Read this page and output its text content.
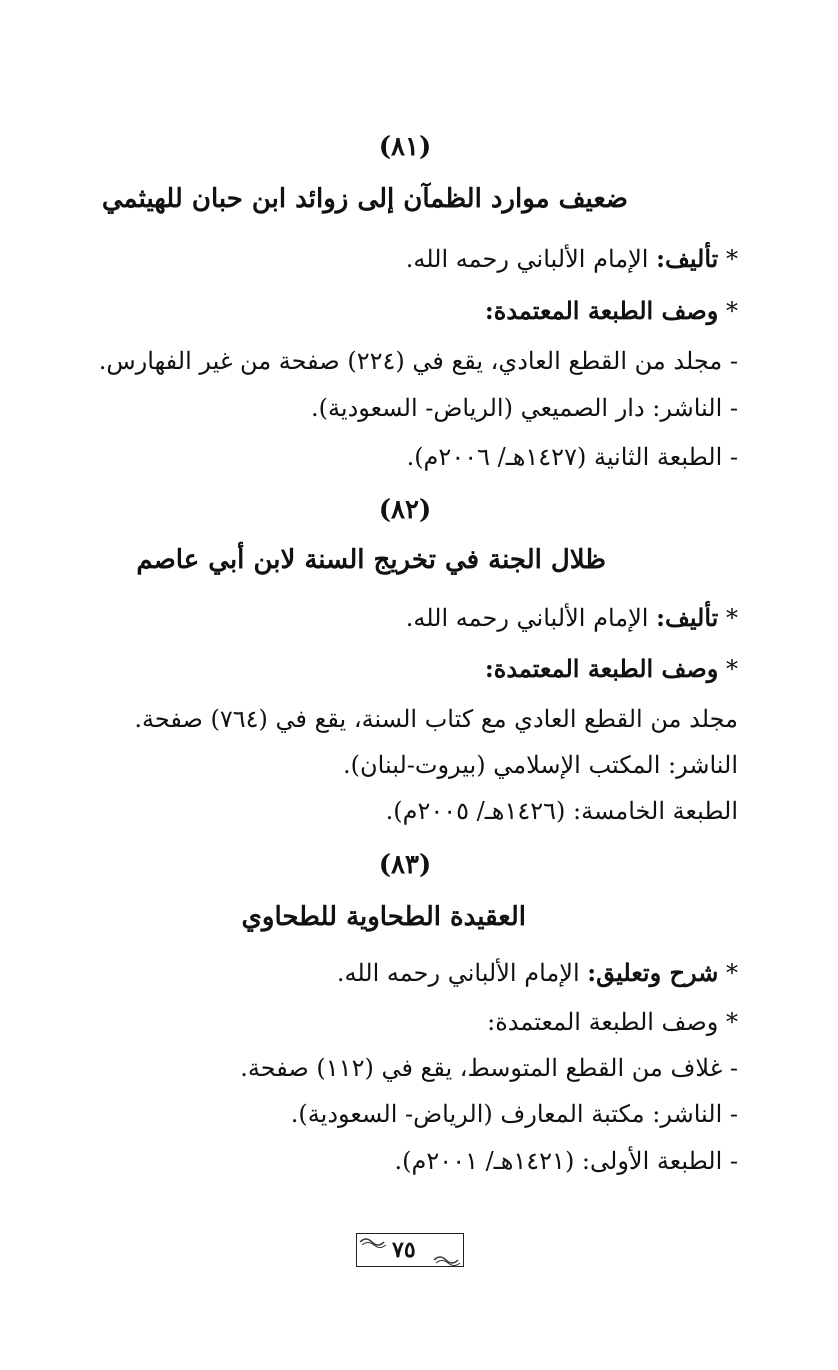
(٨١)
ضعيف موارد الظمآن إلى زوائد ابن حبان للهيثمي
* تأليف: الإمام الألباني رحمه الله.
* وصف الطبعة المعتمدة:
- مجلد من القطع العادي، يقع في (٢٢٤) صفحة من غير الفهارس.
- الناشر: دار الصميعي (الرياض- السعودية).
- الطبعة الثانية (١٤٢٧هـ/ ٢٠٠٦م).
(٨٢)
ظلال الجنة في تخريج السنة لابن أبي عاصم
* تأليف: الإمام الألباني رحمه الله.
* وصف الطبعة المعتمدة:
مجلد من القطع العادي مع كتاب السنة، يقع في (٧٦٤) صفحة.
الناشر: المكتب الإسلامي (بيروت-لبنان).
الطبعة الخامسة: (١٤٢٦هـ/ ٢٠٠٥م).
(٨٣)
العقيدة الطحاوية للطحاوي
* شرح وتعليق: الإمام الألباني رحمه الله.
* وصف الطبعة المعتمدة:
- غلاف من القطع المتوسط، يقع في (١١٢) صفحة.
- الناشر: مكتبة المعارف (الرياض- السعودية).
- الطبعة الأولى: (١٤٢١هـ/ ٢٠٠١م).
٧٥
